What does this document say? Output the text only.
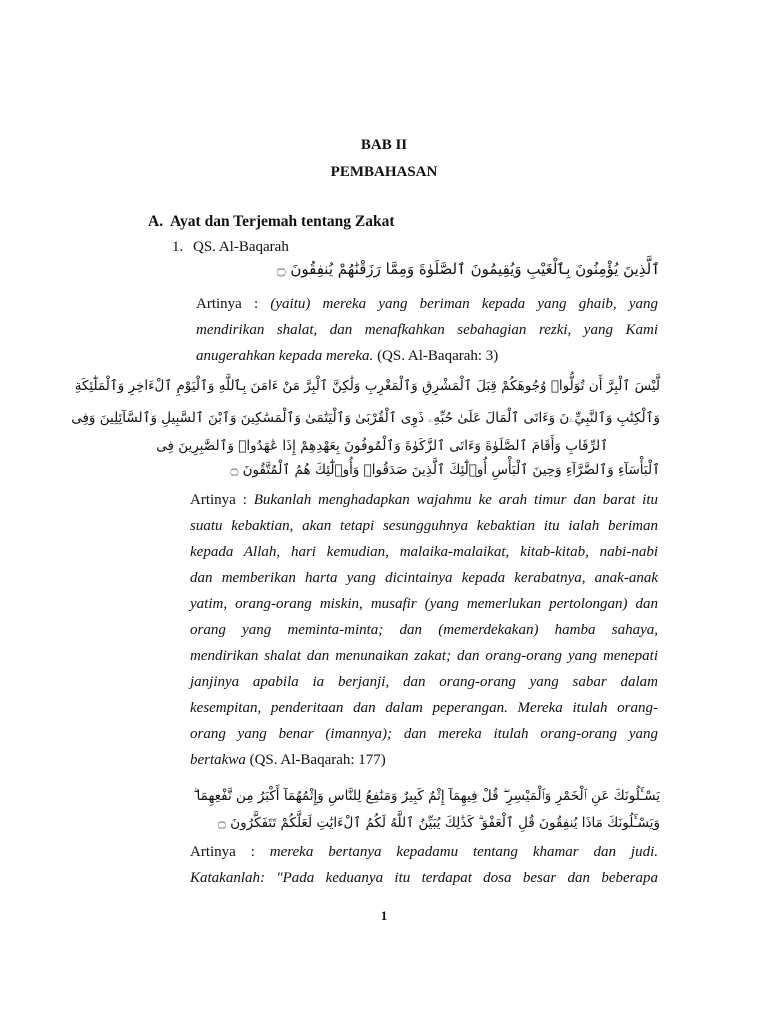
BAB II
PEMBAHASAN
A. Ayat dan Terjemah tentang Zakat
1. QS. Al-Baqarah
ٱلَّذِينَ يُؤْمِنُونَ بِٱلْغَيْبِ وَيُقِيمُونَ ٱلصَّلَوٰةَ وَمِمَّا رَزَقْنَٰهُمْ يُنفِقُونَ ۝
Artinya : (yaitu) mereka yang beriman kepada yang ghaib, yang
mendirikan shalat, dan menafkahkan sebahagian rezki, yang Kami
anugerahkan kepada mereka. (QS. Al-Baqarah: 3)
لَّيْسَ ٱلْبِرَّ أَن تُوَلُّوا۟ وُجُوهَكُمْ قِبَلَ ٱلْمَشْرِقِ وَٱلْمَغْرِبِ وَلَٰكِنَّ ٱلْبِرَّ مَنْ ءَامَنَ بِٱللَّهِ وَٱلْيَوْمِ ٱلْءَاخِرِ وَٱلْمَلَٰٓئِكَةِ
وَٱلْكِتَٰبِ وَٱلنَّبِيِّۦنَ وَءَاتَى ٱلْمَالَ عَلَىٰ حُبِّهِۦ ذَوِى ٱلْقُرْبَىٰ وَٱلْيَتَٰمَىٰ وَٱلْمَسَٰكِينَ وَٱبْنَ ٱلسَّبِيلِ وَٱلسَّآئِلِينَ وَفِى
ٱلرِّقَابِ وَأَقَامَ ٱلصَّلَوٰةَ وَءَاتَى ٱلزَّكَوٰةَ وَٱلْمُوفُونَ بِعَهْدِهِمْ إِذَا عَٰهَدُوا۟ وَٱلصَّٰبِرِينَ فِى
ٱلْبَأْسَآءِ وَٱلضَّرَّآءِ وَحِينَ ٱلْبَأْسِ أُو۟لَٰٓئِكَ ٱلَّذِينَ صَدَقُوا۟ وَأُو۟لَٰٓئِكَ هُمُ ٱلْمُتَّقُونَ ۝
Artinya : Bukanlah menghadapkan wajahmu ke arah timur dan barat itu
suatu kebaktian, akan tetapi sesungguhnya kebaktian itu ialah beriman
kepada Allah, hari kemudian, malaika-malaikat, kitab-kitab, nabi-nabi
dan memberikan harta yang dicintainya kepada kerabatnya, anak-anak
yatim, orang-orang miskin, musafir (yang memerlukan pertolongan) dan
orang yang meminta-minta; dan (memerdekakan) hamba sahaya,
mendirikan shalat dan menunaikan zakat; dan orang-orang yang menepati
janjinya apabila ia berjanji, dan orang-orang yang sabar dalam
kesempitan, penderitaan dan dalam peperangan. Mereka itulah orang-
orang yang benar (imannya); dan mereka itulah orang-orang yang
bertakwa (QS. Al-Baqarah: 177)
يَسْـَٔلُونَكَ عَنِ ٱلْخَمْرِ وَٱلْمَيْسِرِ ۖ قُلْ فِيهِمَآ إِثْمٌ كَبِيرٌ وَمَنَٰفِعُ لِلنَّاسِ وَإِثْمُهُمَآ أَكْبَرُ مِن نَّفْعِهِمَا ۗ
وَيَسْـَٔلُونَكَ مَاذَا يُنفِقُونَ قُلِ ٱلْعَفْوَ ۗ كَذَٰلِكَ يُبَيِّنُ ٱللَّهُ لَكُمُ ٱلْءَايَٰتِ لَعَلَّكُمْ تَتَفَكَّرُونَ ۝
Artinya : mereka bertanya kepadamu tentang khamar dan judi.
Katakanlah: "Pada keduanya itu terdapat dosa besar dan beberapa
1
